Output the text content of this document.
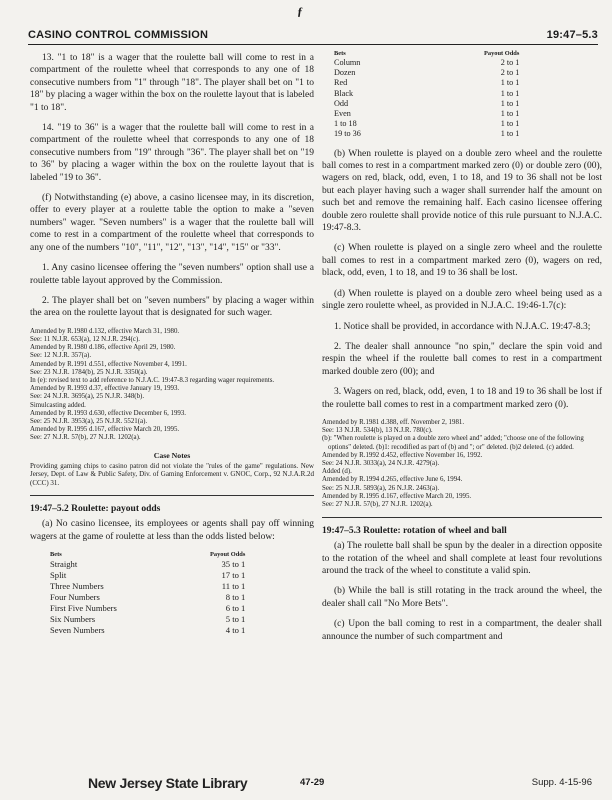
ƒ
CASINO CONTROL COMMISSION	19:47–5.3

13. "1 to 18" is a wager that the roulette ball will come to rest in a compartment of the roulette wheel that corresponds to any one of 18 consecutive numbers from "1" through "18". The player shall bet on "1 to 18" by placing a wager within the box on the roulette layout that is labeled "1 to 18".

14. "19 to 36" is a wager that the roulette ball will come to rest in a compartment of the roulette wheel that corresponds to any one of 18 consecutive numbers from "19" through "36". The player shall bet on "19 to 36" by placing a wager within the box on the roulette layout that is labeled "19 to 36".

(f) Notwithstanding (e) above, a casino licensee may, in its discretion, offer to every player at a roulette table the option to make a "seven numbers" wager. "Seven numbers" is a wager that the roulette ball will come to rest in a compartment of the roulette wheel that corresponds to any one of the numbers "10", "11", "12", "13", "14", "15" or "33".

1. Any casino licensee offering the "seven numbers" option shall use a roulette table layout approved by the Commission.

2. The player shall bet on "seven numbers" by placing a wager within the area on the roulette layout that is designated for such wager.

Amended by R.1980 d.132, effective March 31, 1980.
See: 11 N.J.R. 653(a), 12 N.J.R. 294(c).
Amended by R.1980 d.186, effective April 29, 1980.
See: 12 N.J.R. 357(a).
Amended by R.1991 d.551, effective November 4, 1991.
See: 23 N.J.R. 1784(b), 25 N.J.R. 3350(a).
In (e): revised text to add reference to N.J.A.C. 19:47-8.3 regarding wager requirements.
Amended by R.1993 d.37, effective January 19, 1993.
See: 24 N.J.R. 3695(a), 25 N.J.R. 348(b).
Simulcasting added.
Amended by R.1993 d.630, effective December 6, 1993.
See: 25 N.J.R. 3953(a), 25 N.J.R. 5521(a).
Amended by R.1995 d.167, effective March 20, 1995.
See: 27 N.J.R. 57(b), 27 N.J.R. 1202(a).
Case Notes
Providing gaming chips to casino patron did not violate the "rules of the game" regulations. New Jersey, Dept. of Law & Public Safety, Div. of Gaming Enforcement v. GNOC, Corp., 92 N.J.A.R.2d (CCC) 31.
19:47–5.2 Roulette: payout odds

(a) No casino licensee, its employees or agents shall pay off winning wagers at the game of roulette at less than the odds listed below:

Bets	Payout Odds
Straight	35 to 1
Split	17 to 1
Three Numbers	11 to 1
Four Numbers	8 to 1
First Five Numbers	6 to 1
Six Numbers	5 to 1
Seven Numbers	4 to 1
Bets	Payout Odds
Column	2 to 1
Dozen	2 to 1
Red	1 to 1
Black	1 to 1
Odd	1 to 1
Even	1 to 1
1 to 18	1 to 1
19 to 36	1 to 1

(b) When roulette is played on a double zero wheel and the roulette ball comes to rest in a compartment marked zero (0) or double zero (00), wagers on red, black, odd, even, 1 to 18, and 19 to 36 shall not be lost but each player having such a wager shall surrender half the amount on such bet and remove the remaining half. Each casino licensee offering double zero roulette shall provide notice of this rule pursuant to N.J.A.C. 19:47-8.3.

(c) When roulette is played on a single zero wheel and the roulette ball comes to rest in a compartment marked zero (0), wagers on red, black, odd, even, 1 to 18, and 19 to 36 shall be lost.

(d) When roulette is played on a double zero wheel being used as a single zero roulette wheel, as provided in N.J.A.C. 19:46-1.7(c):

1. Notice shall be provided, in accordance with N.J.A.C. 19:47-8.3;

2. The dealer shall announce "no spin," declare the spin void and respin the wheel if the roulette ball comes to rest in a compartment marked double zero (00); and

3. Wagers on red, black, odd, even, 1 to 18 and 19 to 36 shall be lost if the roulette ball comes to rest in a compartment marked zero (0).

Amended by R.1981 d.388, eff. November 2, 1981.
See: 13 N.J.R. 534(b), 13 N.J.R. 780(c).
(b): "When roulette is played on a double zero wheel and" added; "choose one of the following options" deleted. (b)1: recodified as part of (b) and "; or" deleted. (b)2 deleted. (c) added.
Amended by R.1992 d.452, effective November 16, 1992.
See: 24 N.J.R. 3033(a), 24 N.J.R. 4279(a).
Added (d).
Amended by R.1994 d.265, effective June 6, 1994.
See: 25 N.J.R. 5893(a), 26 N.J.R. 2463(a).
Amended by R.1995 d.167, effective March 20, 1995.
See: 27 N.J.R. 57(b), 27 N.J.R. 1202(a).
19:47–5.3 Roulette: rotation of wheel and ball

(a) The roulette ball shall be spun by the dealer in a direction opposite to the rotation of the wheel and shall complete at least four revolutions around the track of the wheel to constitute a valid spin.

(b) While the ball is still rotating in the track around the wheel, the dealer shall call "No More Bets".

(c) Upon the ball coming to rest in a compartment, the dealer shall announce the number of such compartment and

New Jersey State Library	47-29	Supp. 4-15-96
